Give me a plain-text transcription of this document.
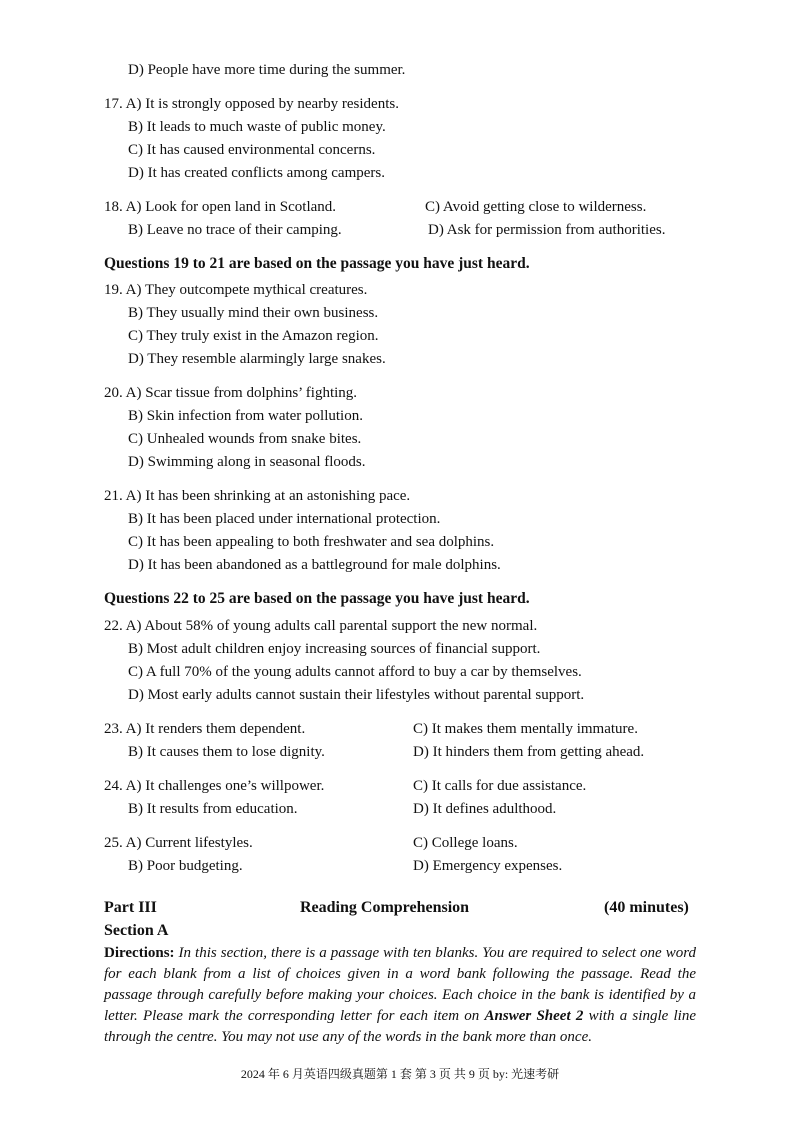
D) People have more time during the summer.
17. A) It is strongly opposed by nearby residents.
B) It leads to much waste of public money.
C) It has caused environmental concerns.
D) It has created conflicts among campers.
18. A) Look for open land in Scotland.	C) Avoid getting close to wilderness.
B) Leave no trace of their camping.	D) Ask for permission from authorities.
Questions 19 to 21 are based on the passage you have just heard.
19. A) They outcompete mythical creatures.
B) They usually mind their own business.
C) They truly exist in the Amazon region.
D) They resemble alarmingly large snakes.
20. A) Scar tissue from dolphins’ fighting.
B) Skin infection from water pollution.
C) Unhealed wounds from snake bites.
D) Swimming along in seasonal floods.
21. A) It has been shrinking at an astonishing pace.
B) It has been placed under international protection.
C) It has been appealing to both freshwater and sea dolphins.
D) It has been abandoned as a battleground for male dolphins.
Questions 22 to 25 are based on the passage you have just heard.
22. A) About 58% of young adults call parental support the new normal.
B) Most adult children enjoy increasing sources of financial support.
C) A full 70% of the young adults cannot afford to buy a car by themselves.
D) Most early adults cannot sustain their lifestyles without parental support.
23. A) It renders them dependent.	C) It makes them mentally immature.
B) It causes them to lose dignity.	D) It hinders them from getting ahead.
24. A) It challenges one’s willpower.	C) It calls for due assistance.
B) It results from education.	D) It defines adulthood.
25. A) Current lifestyles.	C) College loans.
B) Poor budgeting.	D) Emergency expenses.
Part III	Reading Comprehension	(40 minutes)
Section A
Directions: In this section, there is a passage with ten blanks. You are required to select one word for each blank from a list of choices given in a word bank following the passage. Read the passage through carefully before making your choices. Each choice in the bank is identified by a letter. Please mark the corresponding letter for each item on Answer Sheet 2 with a single line through the centre. You may not use any of the words in the bank more than once.
2024 年 6 月英语四级真题第 1 套 第 3 页 共 9 页 by: 光速考研
